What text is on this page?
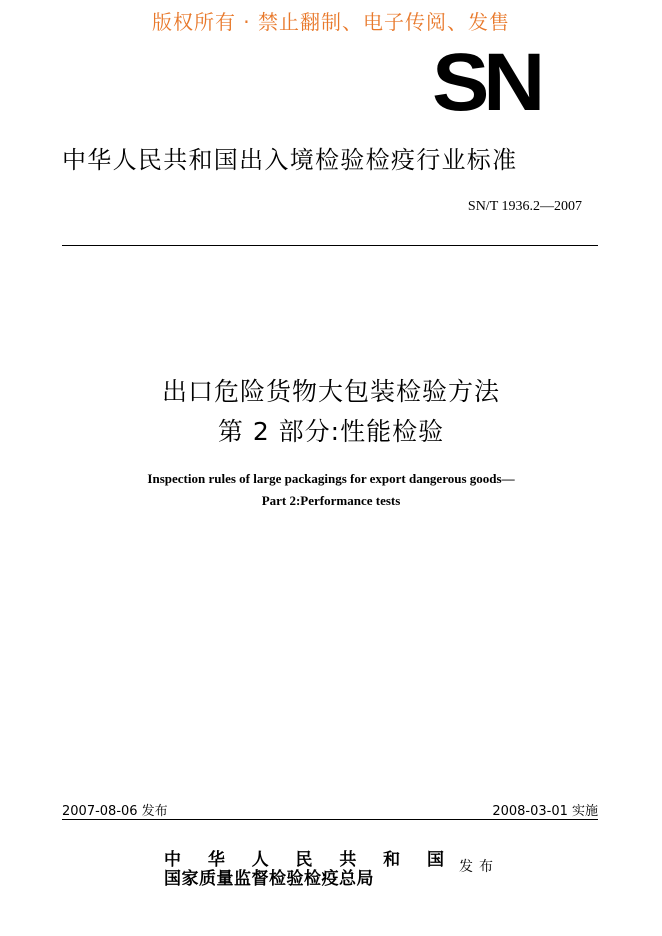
版权所有 · 禁止翻制、电子传阅、发售
SN
中华人民共和国出入境检验检疫行业标准
SN/T 1936.2—2007
出口危险货物大包装检验方法
第 2 部分:性能检验
Inspection rules of large packagings for export dangerous goods—
Part 2:Performance tests
2007-08-06 发布	2008-03-01 实施
中 华 人 民 共 和 国
国家质量监督检验检疫总局
发布
